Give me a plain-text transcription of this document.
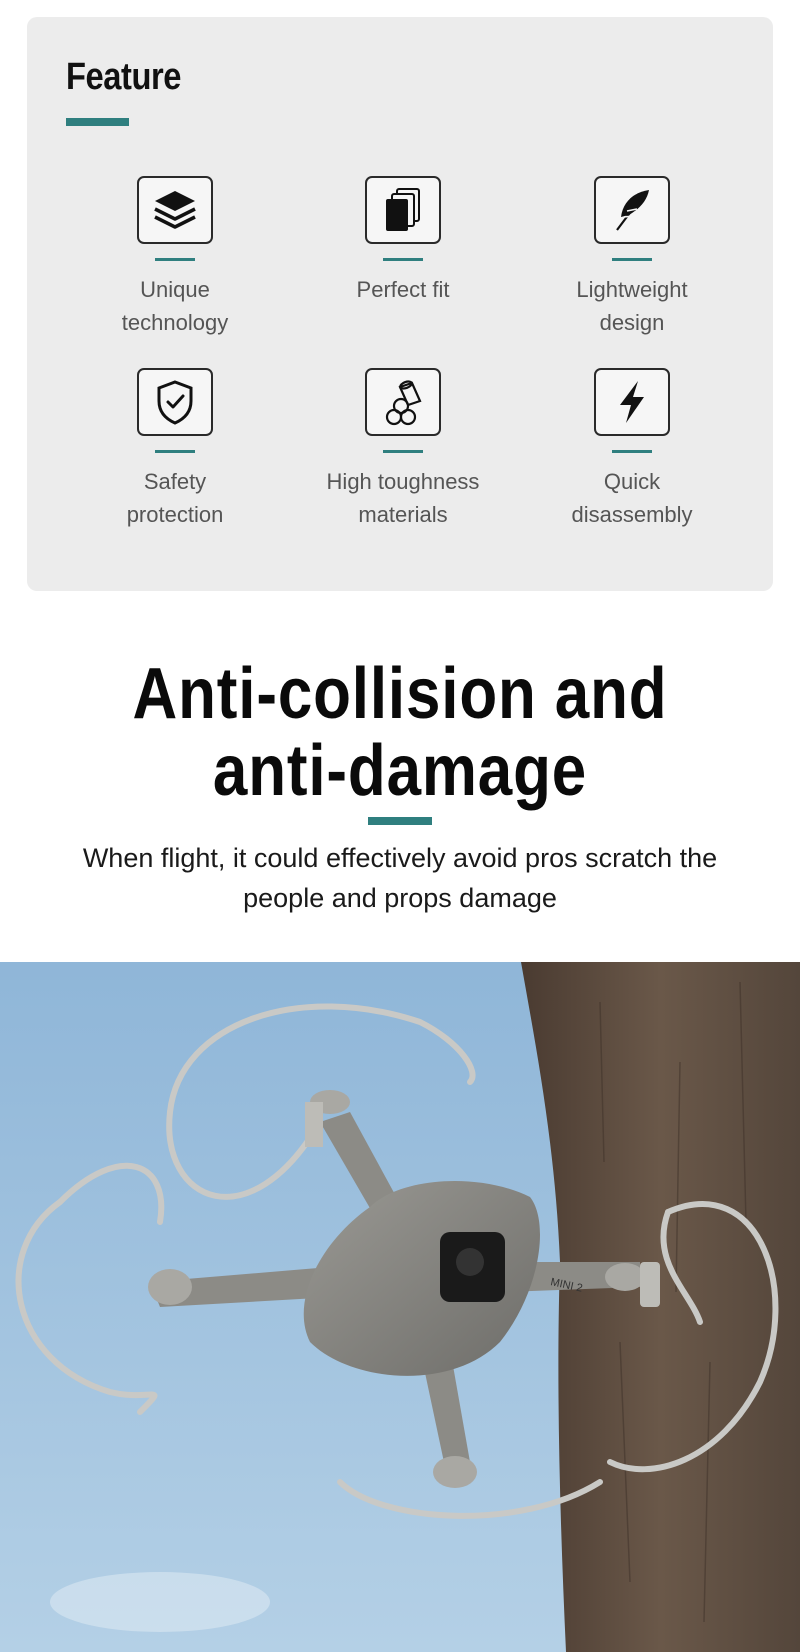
Feature
Unique
technology
Perfect fit	Lightweight
design
Safety
protection
High toughness
materials
Quick
disassembly
Anti-collision and
anti-damage

When flight, it could effectively avoid pros scratch the people and props damage

MINI 2
